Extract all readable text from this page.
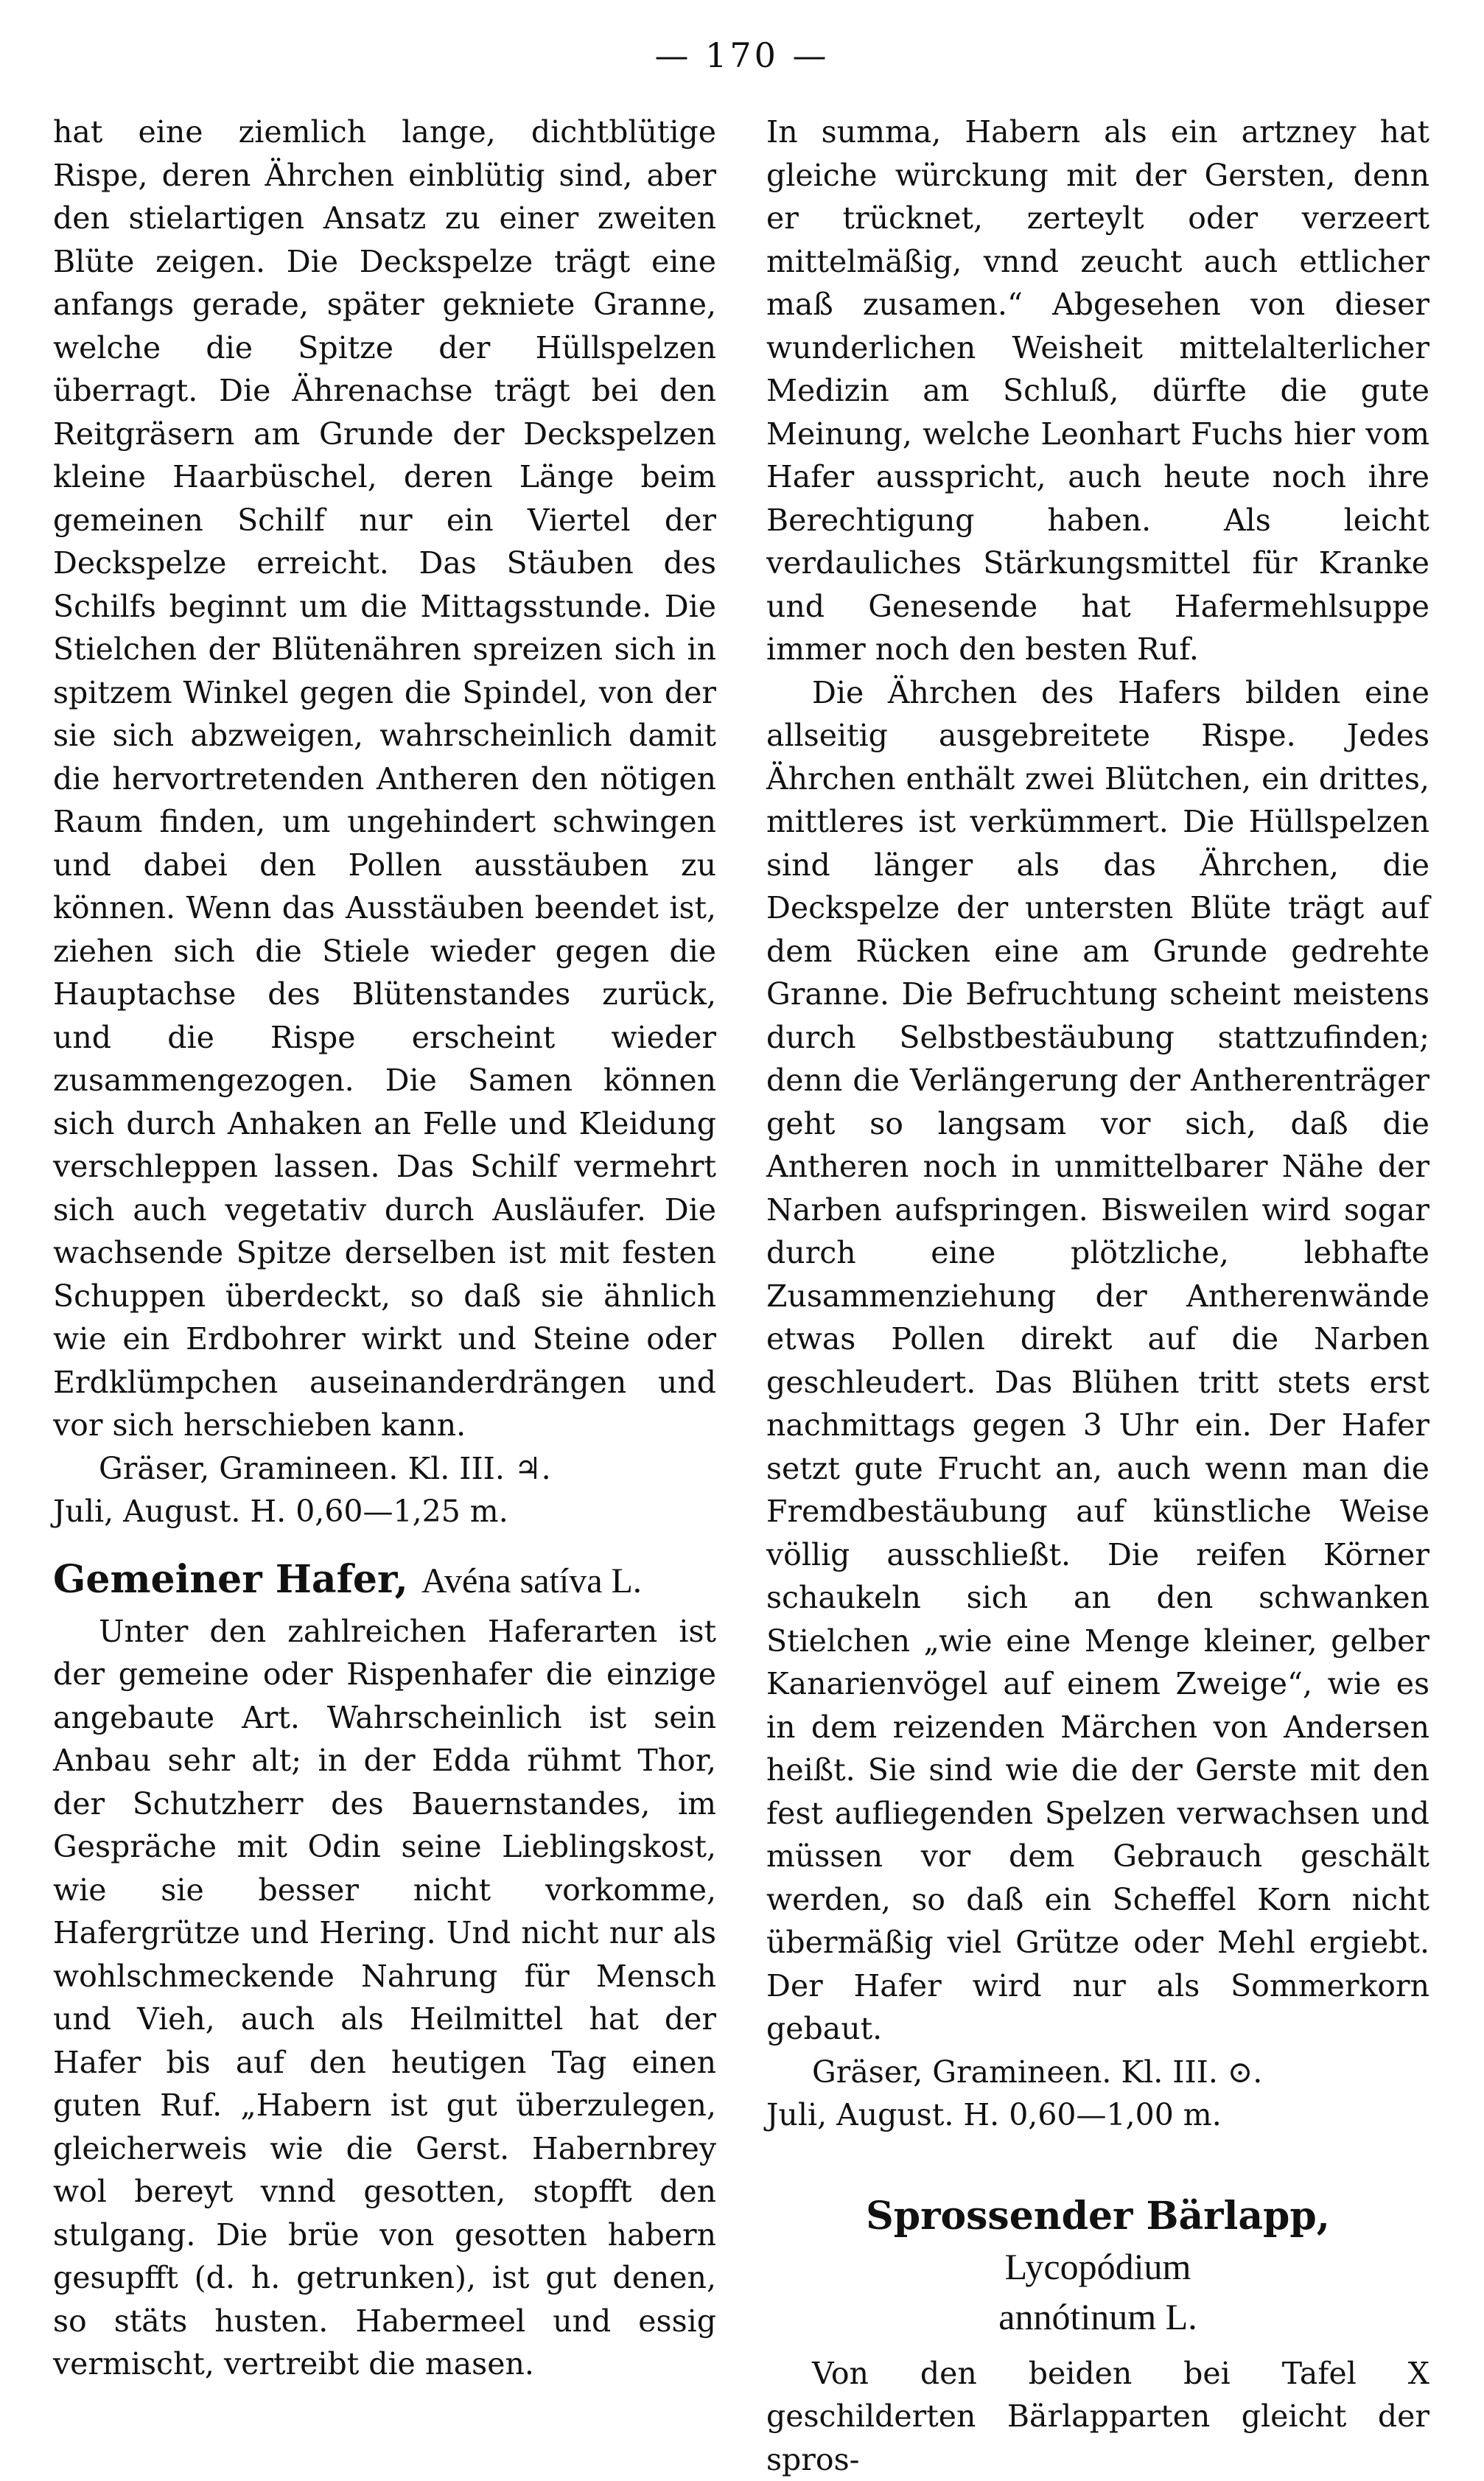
— 170 —

hat eine ziemlich lange, dichtblütige Rispe, deren Ährchen einblütig sind, aber den stielartigen Ansatz zu einer zweiten Blüte zeigen. Die Deckspelze trägt eine anfangs gerade, später gekniete Granne, welche die Spitze der Hüllspelzen überragt. Die Ährenachse trägt bei den Reitgräsern am Grunde der Deckspelzen kleine Haarbüschel, deren Länge beim gemeinen Schilf nur ein Viertel der Deckspelze erreicht. Das Stäuben des Schilfs beginnt um die Mittagsstunde. Die Stielchen der Blütenähren spreizen sich in spitzem Winkel gegen die Spindel, von der sie sich abzweigen, wahrscheinlich damit die hervortretenden Antheren den nötigen Raum finden, um ungehindert schwingen und dabei den Pollen ausstäuben zu können. Wenn das Ausstäuben beendet ist, ziehen sich die Stiele wieder gegen die Hauptachse des Blütenstandes zurück, und die Rispe erscheint wieder zusammengezogen. Die Samen können sich durch Anhaken an Felle und Kleidung verschleppen lassen. Das Schilf vermehrt sich auch vegetativ durch Ausläufer. Die wachsende Spitze derselben ist mit festen Schuppen überdeckt, so daß sie ähnlich wie ein Erdbohrer wirkt und Steine oder Erdklümpchen auseinanderdrängen und vor sich herschieben kann.

Gräser, Gramineen. Kl. III. ♃.

Juli, August. H. 0,60—1,25 m.

Gemeiner Hafer, Avéna satíva L.

Unter den zahlreichen Haferarten ist der gemeine oder Rispenhafer die einzige angebaute Art. Wahrscheinlich ist sein Anbau sehr alt; in der Edda rühmt Thor, der Schutzherr des Bauernstandes, im Gespräche mit Odin seine Lieblingskost, wie sie besser nicht vorkomme, Hafergrütze und Hering. Und nicht nur als wohlschmeckende Nahrung für Mensch und Vieh, auch als Heilmittel hat der Hafer bis auf den heutigen Tag einen guten Ruf. „Habern ist gut überzulegen, gleicherweis wie die Gerst. Habernbrey wol bereyt vnnd gesotten, stopfft den stulgang. Die brüe von gesotten habern gesupfft (d. h. getrunken), ist gut denen, so stäts husten. Habermeel und essig vermischt, vertreibt die masen.

In summa, Habern als ein artzney hat gleiche würckung mit der Gersten, denn er trücknet, zerteylt oder verzeert mittelmäßig, vnnd zeucht auch ettlicher maß zusamen.“ Abgesehen von dieser wunderlichen Weisheit mittelalterlicher Medizin am Schluß, dürfte die gute Meinung, welche Leonhart Fuchs hier vom Hafer ausspricht, auch heute noch ihre Berechtigung haben. Als leicht verdauliches Stärkungsmittel für Kranke und Genesende hat Hafermehlsuppe immer noch den besten Ruf.

Die Ährchen des Hafers bilden eine allseitig ausgebreitete Rispe. Jedes Ährchen enthält zwei Blütchen, ein drittes, mittleres ist verkümmert. Die Hüllspelzen sind länger als das Ährchen, die Deckspelze der untersten Blüte trägt auf dem Rücken eine am Grunde gedrehte Granne. Die Befruchtung scheint meistens durch Selbstbestäubung stattzufinden; denn die Verlängerung der Antherenträger geht so langsam vor sich, daß die Antheren noch in unmittelbarer Nähe der Narben aufspringen. Bisweilen wird sogar durch eine plötzliche, lebhafte Zusammenziehung der Antherenwände etwas Pollen direkt auf die Narben geschleudert. Das Blühen tritt stets erst nachmittags gegen 3 Uhr ein. Der Hafer setzt gute Frucht an, auch wenn man die Fremdbestäubung auf künstliche Weise völlig ausschließt. Die reifen Körner schaukeln sich an den schwanken Stielchen „wie eine Menge kleiner, gelber Kanarienvögel auf einem Zweige“, wie es in dem reizenden Märchen von Andersen heißt. Sie sind wie die der Gerste mit den fest aufliegenden Spelzen verwachsen und müssen vor dem Gebrauch geschält werden, so daß ein Scheffel Korn nicht übermäßig viel Grütze oder Mehl ergiebt. Der Hafer wird nur als Sommerkorn gebaut.

Gräser, Gramineen. Kl. III. ⊙.

Juli, August. H. 0,60—1,00 m.

Sprossender Bärlapp, Lycopódium
annótinum L.

Von den beiden bei Tafel X geschilderten Bärlapparten gleicht der spros-
